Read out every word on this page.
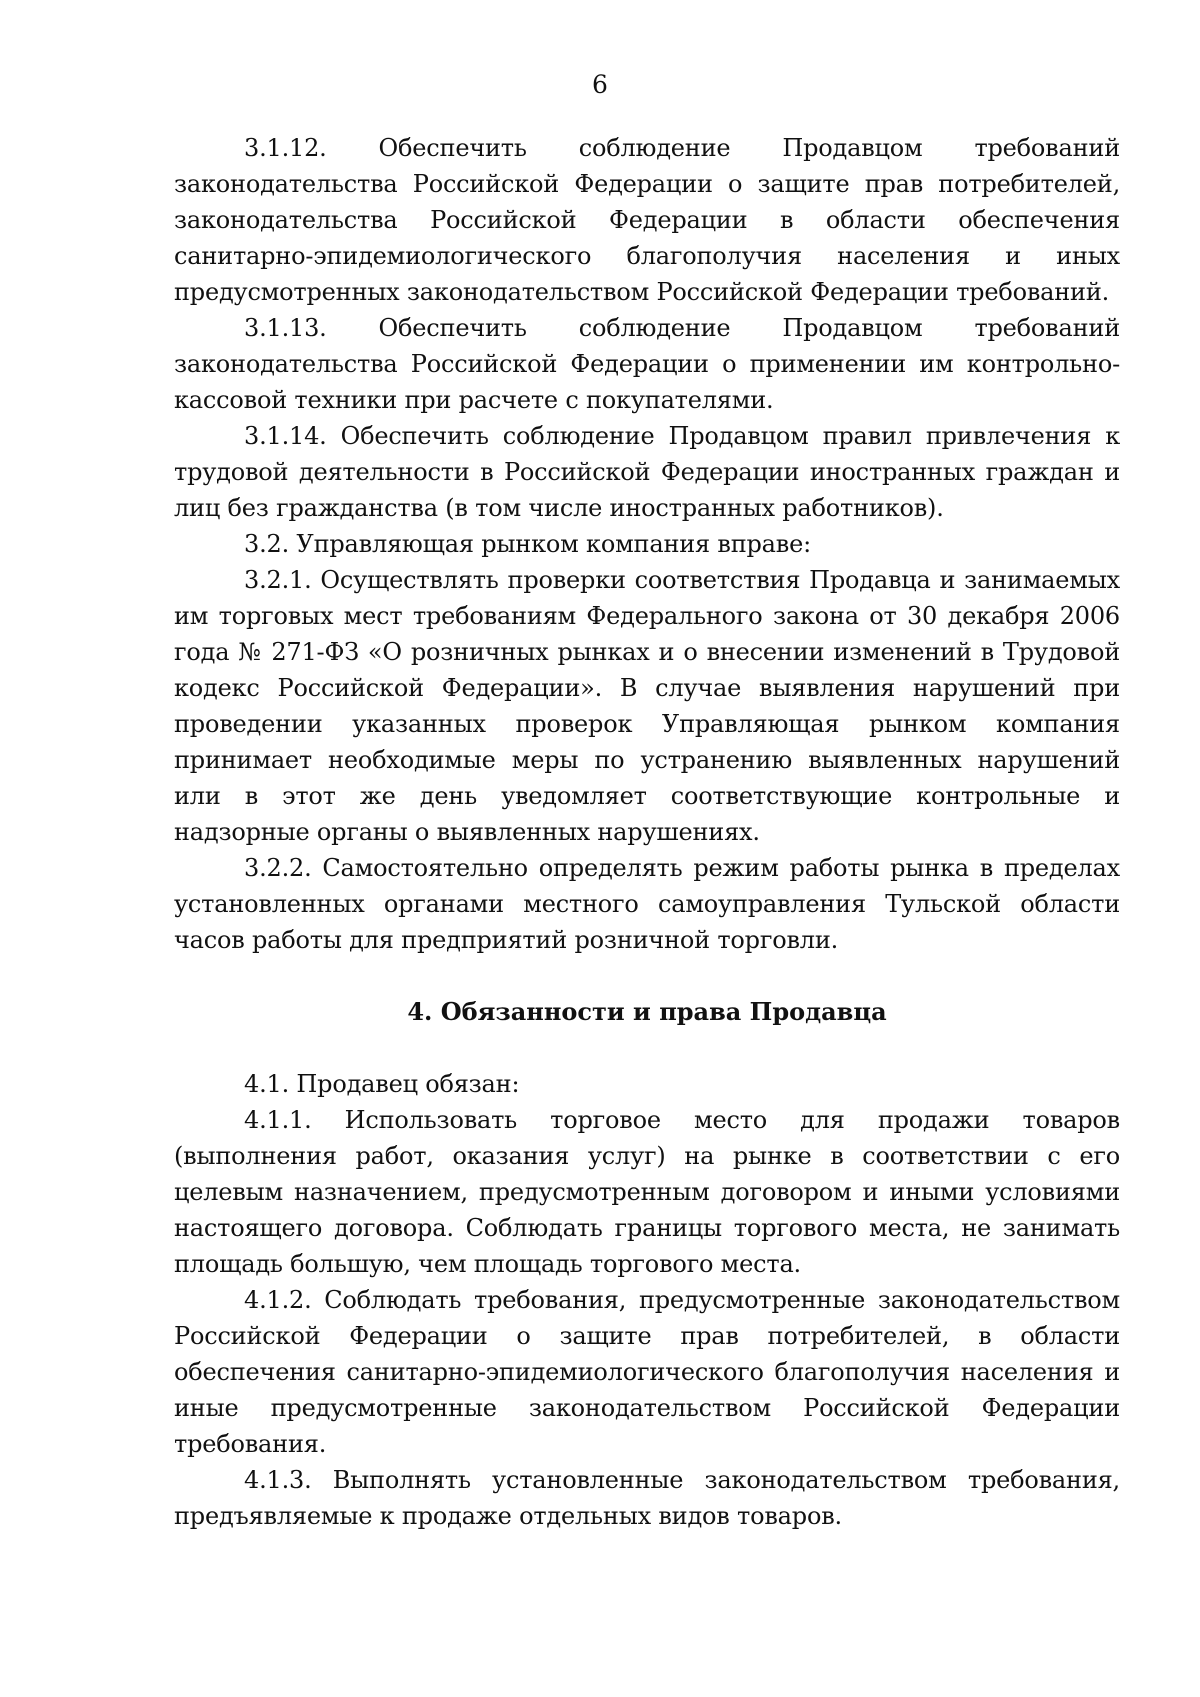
6

3.1.12. Обеспечить соблюдение Продавцом требований законодательства Российской Федерации о защите прав потребителей, законодательства Российской Федерации в области обеспечения санитарно-эпидемиологического благополучия населения и иных предусмотренных законодательством Российской Федерации требований.

3.1.13. Обеспечить соблюдение Продавцом требований законодательства Российской Федерации о применении им контрольно-кассовой техники при расчете с покупателями.

3.1.14. Обеспечить соблюдение Продавцом правил привлечения к трудовой деятельности в Российской Федерации иностранных граждан и лиц без гражданства (в том числе иностранных работников).

3.2. Управляющая рынком компания вправе:

3.2.1. Осуществлять проверки соответствия Продавца и занимаемых им торговых мест требованиям Федерального закона от 30 декабря 2006 года № 271-ФЗ «О розничных рынках и о внесении изменений в Трудовой кодекс Российской Федерации». В случае выявления нарушений при проведении указанных проверок Управляющая рынком компания принимает необходимые меры по устранению выявленных нарушений или в этот же день уведомляет соответствующие контрольные и надзорные органы о выявленных нарушениях.

3.2.2. Самостоятельно определять режим работы рынка в пределах установленных органами местного самоуправления Тульской области часов работы для предприятий розничной торговли.

4. Обязанности и права Продавца

4.1. Продавец обязан:

4.1.1. Использовать торговое место для продажи товаров (выполнения работ, оказания услуг) на рынке в соответствии с его целевым назначением, предусмотренным договором и иными условиями настоящего договора. Соблюдать границы торгового места, не занимать площадь большую, чем площадь торгового места.

4.1.2. Соблюдать требования, предусмотренные законодательством Российской Федерации о защите прав потребителей, в области обеспечения санитарно-эпидемиологического благополучия населения и иные предусмотренные законодательством Российской Федерации требования.

4.1.3. Выполнять установленные законодательством требования, предъявляемые к продаже отдельных видов товаров.
